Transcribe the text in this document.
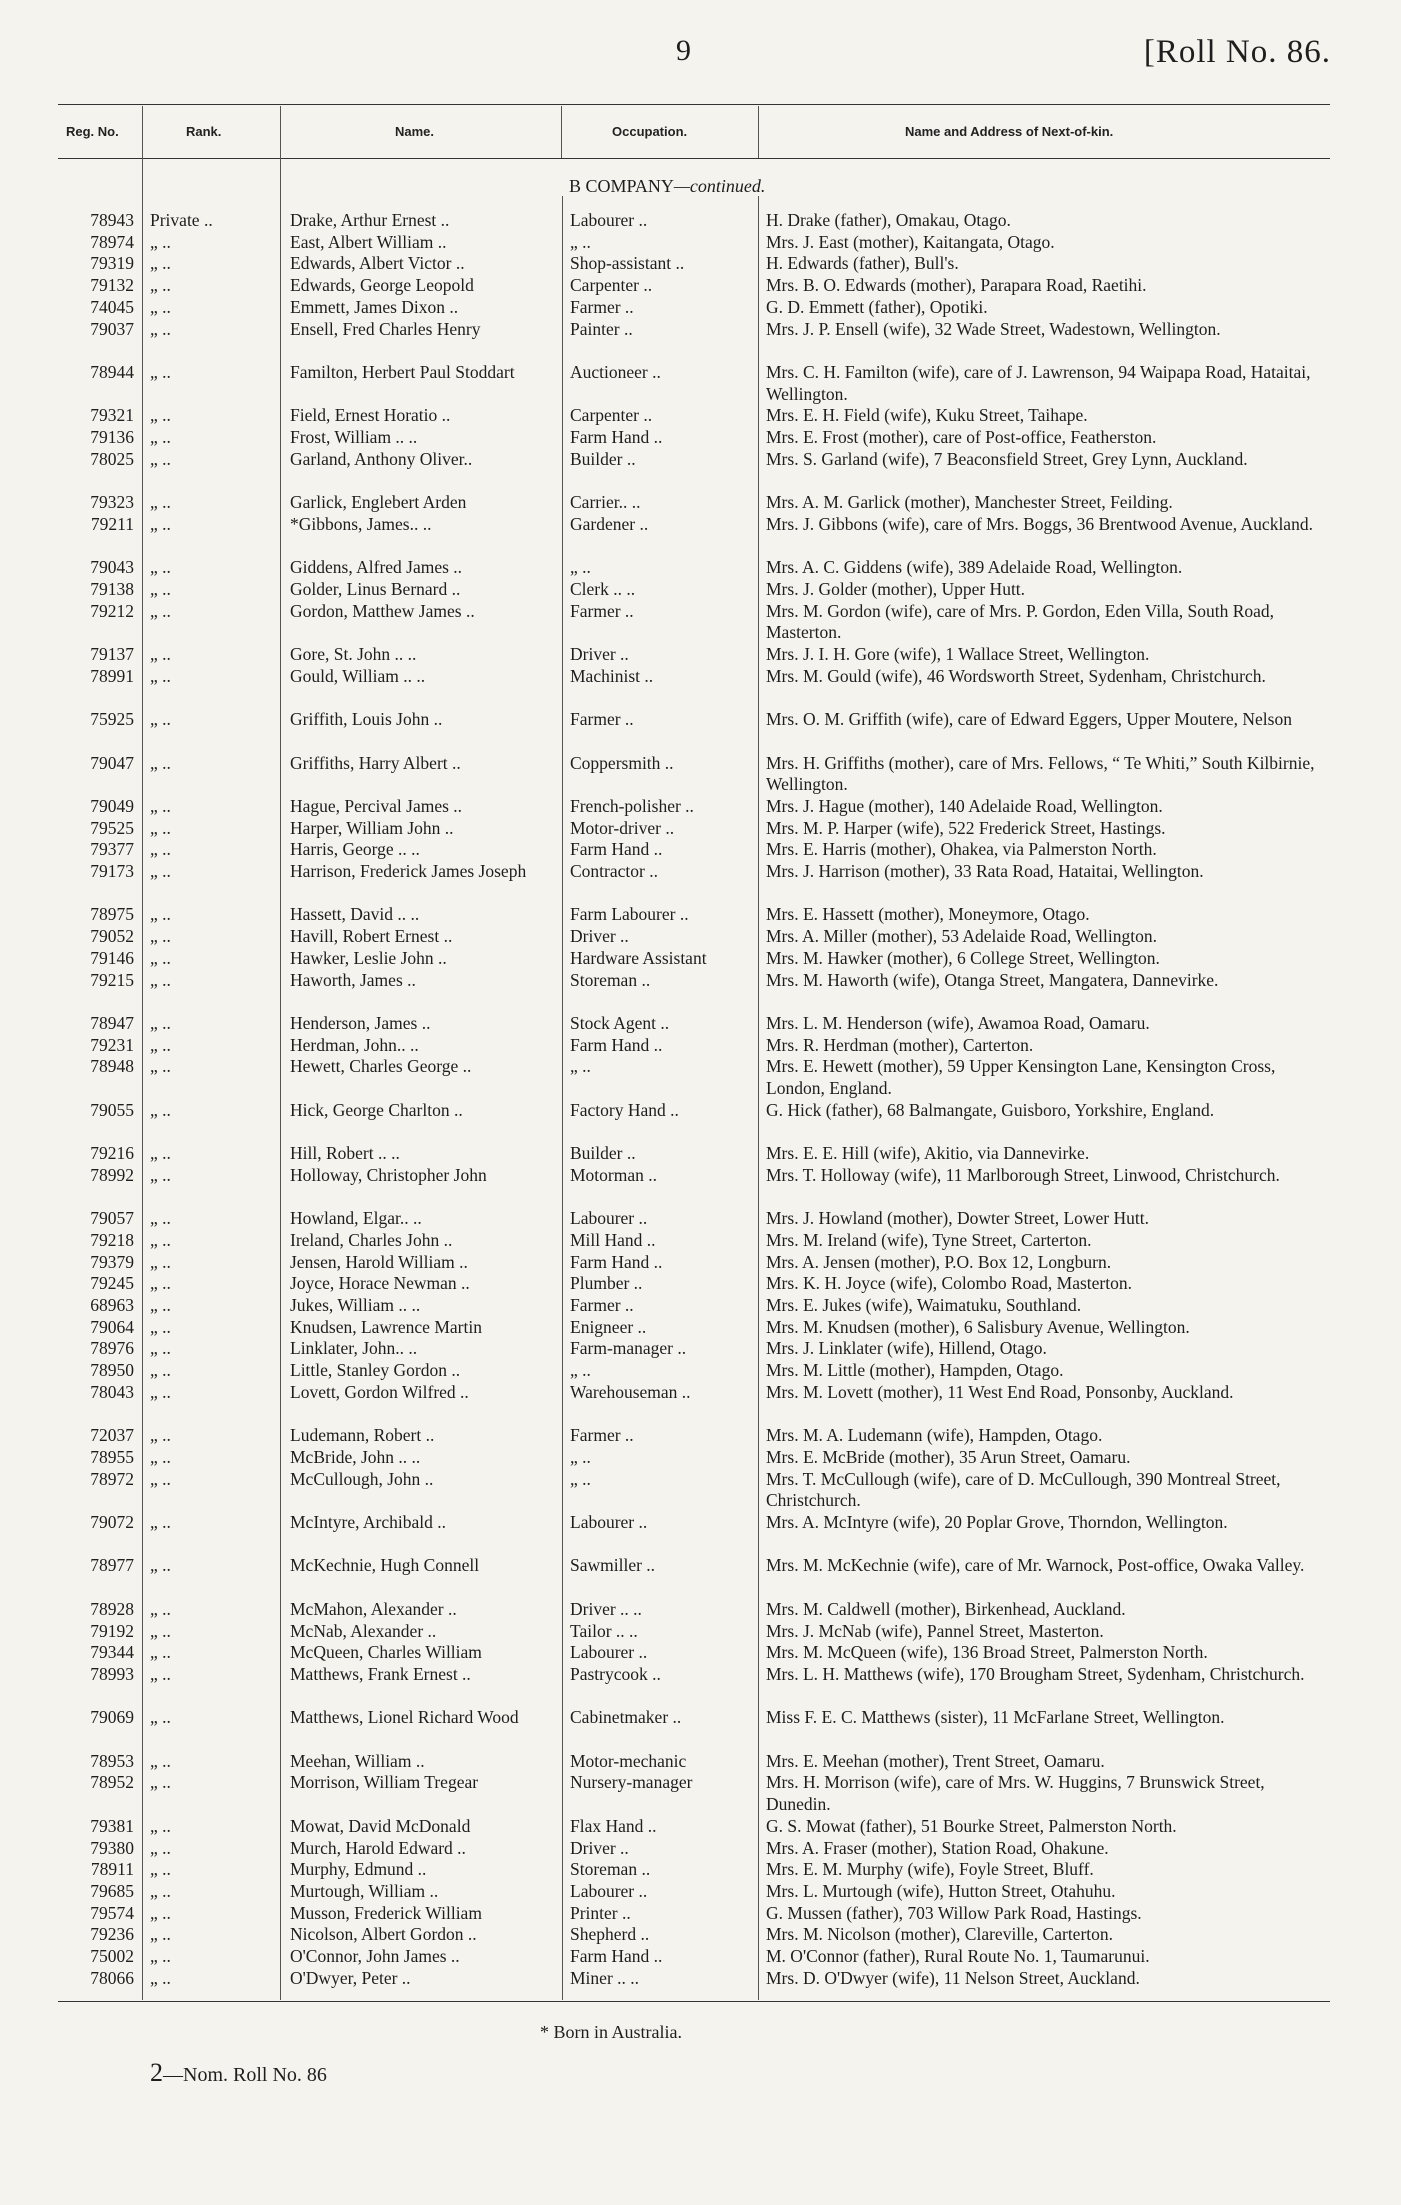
9	[Roll No. 86.
Reg. No.	Rank.	Name.	Occupation.	Name and Address of Next-of-kin.
B COMPANY—continued.
78943 Private ..	Drake, Arthur Ernest ..	Labourer ..	H. Drake (father), Omakau, Otago.
78974 „ ..	East, Albert William ..	„ ..	Mrs. J. East (mother), Kaitangata, Otago.
79319 „ ..	Edwards, Albert Victor ..	Shop-assistant ..	H. Edwards (father), Bull's.
79132 „ ..	Edwards, George Leopold	Carpenter ..	Mrs. B. O. Edwards (mother), Parapara Road, Raetihi.
74045 „ ..	Emmett, James Dixon ..	Farmer ..	G. D. Emmett (father), Opotiki.
79037 „ ..	Ensell, Fred Charles Henry	Painter ..	Mrs. J. P. Ensell (wife), 32 Wade Street, Wadestown, Wellington.
78944 „ ..	Familton, Herbert Paul Stoddart	Auctioneer ..	Mrs. C. H. Familton (wife), care of J. Lawrenson, 94 Waipapa Road, Hataitai, Wellington.
79321 „ ..	Field, Ernest Horatio ..	Carpenter ..	Mrs. E. H. Field (wife), Kuku Street, Taihape.
79136 „ ..	Frost, William .. ..	Farm Hand ..	Mrs. E. Frost (mother), care of Post-office, Featherston.
78025 „ ..	Garland, Anthony Oliver..	Builder ..	Mrs. S. Garland (wife), 7 Beaconsfield Street, Grey Lynn, Auckland.
79323 „ ..	Garlick, Englebert Arden	Carrier.. ..	Mrs. A. M. Garlick (mother), Manchester Street, Feilding.
79211 „ ..	*Gibbons, James.. ..	Gardener ..	Mrs. J. Gibbons (wife), care of Mrs. Boggs, 36 Brentwood Avenue, Auckland.
79043 „ ..	Giddens, Alfred James ..	„ ..	Mrs. A. C. Giddens (wife), 389 Adelaide Road, Wellington.
79138 „ ..	Golder, Linus Bernard ..	Clerk .. ..	Mrs. J. Golder (mother), Upper Hutt.
79212 „ ..	Gordon, Matthew James ..	Farmer ..	Mrs. M. Gordon (wife), care of Mrs. P. Gordon, Eden Villa, South Road, Masterton.
79137 „ ..	Gore, St. John .. ..	Driver ..	Mrs. J. I. H. Gore (wife), 1 Wallace Street, Wellington.
78991 „ ..	Gould, William .. ..	Machinist ..	Mrs. M. Gould (wife), 46 Wordsworth Street, Sydenham, Christchurch.
75925 „ ..	Griffith, Louis John ..	Farmer ..	Mrs. O. M. Griffith (wife), care of Edward Eggers, Upper Moutere, Nelson
79047 „ ..	Griffiths, Harry Albert ..	Coppersmith ..	Mrs. H. Griffiths (mother), care of Mrs. Fellows, “ Te Whiti,” South Kilbirnie, Wellington.
79049 „ ..	Hague, Percival James ..	French-polisher ..	Mrs. J. Hague (mother), 140 Adelaide Road, Wellington.
79525 „ ..	Harper, William John ..	Motor-driver ..	Mrs. M. P. Harper (wife), 522 Frederick Street, Hastings.
79377 „ ..	Harris, George .. ..	Farm Hand ..	Mrs. E. Harris (mother), Ohakea, via Palmerston North.
79173 „ ..	Harrison, Frederick James Joseph	Contractor ..	Mrs. J. Harrison (mother), 33 Rata Road, Hataitai, Wellington.
78975 „ ..	Hassett, David .. ..	Farm Labourer ..	Mrs. E. Hassett (mother), Moneymore, Otago.
79052 „ ..	Havill, Robert Ernest ..	Driver ..	Mrs. A. Miller (mother), 53 Adelaide Road, Wellington.
79146 „ ..	Hawker, Leslie John ..	Hardware Assistant	Mrs. M. Hawker (mother), 6 College Street, Wellington.
79215 „ ..	Haworth, James ..	Storeman ..	Mrs. M. Haworth (wife), Otanga Street, Mangatera, Dannevirke.
78947 „ ..	Henderson, James ..	Stock Agent ..	Mrs. L. M. Henderson (wife), Awamoa Road, Oamaru.
79231 „ ..	Herdman, John.. ..	Farm Hand ..	Mrs. R. Herdman (mother), Carterton.
78948 „ ..	Hewett, Charles George ..	„ ..	Mrs. E. Hewett (mother), 59 Upper Kensington Lane, Kensington Cross, London, England.
79055 „ ..	Hick, George Charlton ..	Factory Hand ..	G. Hick (father), 68 Balmangate, Guisboro, Yorkshire, England.
79216 „ ..	Hill, Robert .. ..	Builder ..	Mrs. E. E. Hill (wife), Akitio, via Dannevirke.
78992 „ ..	Holloway, Christopher John	Motorman ..	Mrs. T. Holloway (wife), 11 Marlborough Street, Linwood, Christchurch.
79057 „ ..	Howland, Elgar.. ..	Labourer ..	Mrs. J. Howland (mother), Dowter Street, Lower Hutt.
79218 „ ..	Ireland, Charles John ..	Mill Hand ..	Mrs. M. Ireland (wife), Tyne Street, Carterton.
79379 „ ..	Jensen, Harold William ..	Farm Hand ..	Mrs. A. Jensen (mother), P.O. Box 12, Longburn.
79245 „ ..	Joyce, Horace Newman ..	Plumber ..	Mrs. K. H. Joyce (wife), Colombo Road, Masterton.
68963 „ ..	Jukes, William .. ..	Farmer ..	Mrs. E. Jukes (wife), Waimatuku, Southland.
79064 „ ..	Knudsen, Lawrence Martin	Enigneer ..	Mrs. M. Knudsen (mother), 6 Salisbury Avenue, Wellington.
78976 „ ..	Linklater, John.. ..	Farm-manager ..	Mrs. J. Linklater (wife), Hillend, Otago.
78950 „ ..	Little, Stanley Gordon ..	„ ..	Mrs. M. Little (mother), Hampden, Otago.
78043 „ ..	Lovett, Gordon Wilfred ..	Warehouseman ..	Mrs. M. Lovett (mother), 11 West End Road, Ponsonby, Auckland.
72037 „ ..	Ludemann, Robert ..	Farmer ..	Mrs. M. A. Ludemann (wife), Hampden, Otago.
78955 „ ..	McBride, John .. ..	„ ..	Mrs. E. McBride (mother), 35 Arun Street, Oamaru.
78972 „ ..	McCullough, John ..	„ ..	Mrs. T. McCullough (wife), care of D. McCullough, 390 Montreal Street, Christchurch.
79072 „ ..	McIntyre, Archibald ..	Labourer ..	Mrs. A. McIntyre (wife), 20 Poplar Grove, Thorndon, Wellington.
78977 „ ..	McKechnie, Hugh Connell	Sawmiller ..	Mrs. M. McKechnie (wife), care of Mr. Warnock, Post-office, Owaka Valley.
78928 „ ..	McMahon, Alexander ..	Driver .. ..	Mrs. M. Caldwell (mother), Birkenhead, Auckland.
79192 „ ..	McNab, Alexander ..	Tailor .. ..	Mrs. J. McNab (wife), Pannel Street, Masterton.
79344 „ ..	McQueen, Charles William	Labourer ..	Mrs. M. McQueen (wife), 136 Broad Street, Palmerston North.
78993 „ ..	Matthews, Frank Ernest ..	Pastrycook ..	Mrs. L. H. Matthews (wife), 170 Brougham Street, Sydenham, Christchurch.
79069 „ ..	Matthews, Lionel Richard Wood	Cabinetmaker ..	Miss F. E. C. Matthews (sister), 11 McFarlane Street, Wellington.
78953 „ ..	Meehan, William ..	Motor-mechanic	Mrs. E. Meehan (mother), Trent Street, Oamaru.
78952 „ ..	Morrison, William Tregear	Nursery-manager	Mrs. H. Morrison (wife), care of Mrs. W. Huggins, 7 Brunswick Street, Dunedin.
79381 „ ..	Mowat, David McDonald	Flax Hand ..	G. S. Mowat (father), 51 Bourke Street, Palmerston North.
79380 „ ..	Murch, Harold Edward ..	Driver ..	Mrs. A. Fraser (mother), Station Road, Ohakune.
78911 „ ..	Murphy, Edmund ..	Storeman ..	Mrs. E. M. Murphy (wife), Foyle Street, Bluff.
79685 „ ..	Murtough, William ..	Labourer ..	Mrs. L. Murtough (wife), Hutton Street, Otahuhu.
79574 „ ..	Musson, Frederick William	Printer ..	G. Mussen (father), 703 Willow Park Road, Hastings.
79236 „ ..	Nicolson, Albert Gordon ..	Shepherd ..	Mrs. M. Nicolson (mother), Clareville, Carterton.
75002 „ ..	O'Connor, John James ..	Farm Hand ..	M. O'Connor (father), Rural Route No. 1, Taumarunui.
78066 „ ..	O'Dwyer, Peter ..	Miner .. ..	Mrs. D. O'Dwyer (wife), 11 Nelson Street, Auckland.
* Born in Australia.
2—Nom. Roll No. 86
